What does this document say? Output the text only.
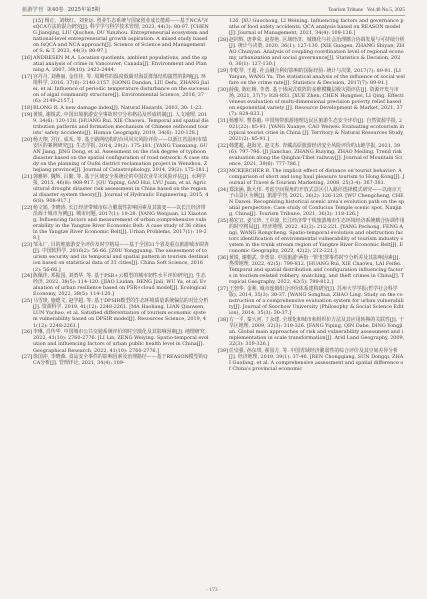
旅游学刊 第40卷 2025年第5期	Tourism Tribune Vol.40 No.5, 2025

[15] 杨正、刘秋红、刘亚运. 创业生态系统与国家创业成长能源——基于NCA与fsQCA方法的混合研究[J]. 科学学与科学技术管理, 2023, 44(3): 80-97. [CHENG Jianqing, LIU Qiuchen, DU Yunzhou. Entrepreneurial ecosystem and national-level entrepreneurial growth aspiration: A mixed study based on fsQCA and NCA approach[J]. Science of Science and Management of S. & T, 2023, 44(3): 80-97.]

[16]ANDRESEN M A. Location quotients, ambient populations, and the spatial analysis of crime in Vancouver, Canada[J]. Environment and Planning A, 2007, 39(10): 2423-2444.

[17]宫丹丹, 刘燕丽, 金佳佳, 等. 周期性的温度低碳对海景群落结构演替的影响[J]. 环境科学, 2016, 37(6): 2140-2157. [GONG Dandan, LIU Defu, ZHANG Jialei, et al. Influence of periodic temperature disturbance on the succession of algal community structure[J]. Environmental Science, 2016, 37(6): 2149-2157.]

[18]BLONG R. A new damage index[J]. Natural Hazards, 2003, 30: 1-23.

[19]黄锐, 谢锐武. 中国出境旅游安全事故时空分布格局及形成机制[J]. 人文地理, 2019, 34(6): 120-128. [HUANG Rui, XIE Chaowu. Temporal and spatial distribution patterns and formation mechanism of Chinese outbound tourists' safety accidents[J]. Human Geography, 2019, 34(6): 120-128.]

[20]杨天翔, 宫江, 成禾, 等. 基于路网结构的台风风灾风险评价——以浙江省温州市瑞安区的案例研究[J]. 生态学报, 2014, 29(2): 175-181. [YANG Tianxiang, GUAN Jiang, JING Dong, et al. Assessment on the risk degree of typhoon disaster based on the spatial configuration of road network: A case study on the planning of Oufei district reclamation project in Wenzhou, Zhejiang province[J]. Journal of Catastrophology, 2014, 29(2): 175-181.]

[21]郭雅婷, 魏辉, 吕勤, 等. 基于区域安全系统论的中国农业旱灾风险评估[J]. 水利学报, 2015, 46(8): 908-917. [QU Yaping, GAO Hui, LYU Juan, et al. Agricultural drought disaster risk assessment in China based on the regional disaster system theory[J]. Journal of Hydraulic Engineering, 2015, 46(8): 908-917.]

[22]杨文娟, 李晓涛. 长江经济带城市综合脆弱性影响因素及其演变——以长江经济带沿海十城市为例[J]. 城市问题, 2017(1): 19-28. [YANG Wenjuan, LI Xiaotong. Influencing factors and measurement of urban comprehensive vulnerability in the Yangtze River Economic Belt: A case study of 36 cities in the Yangtze River Economic Belt[J]. Urban Problems, 2017(1): 19-28.]

[23]邹永广. 目的地旅游安全评价及时空格局——基于全国31个省及重点旅游城市调查[J]. 中国软科学, 2016(2): 56-66. [ZOU Yongguang. The assessment of tourism security and its temporal and spatial pattern in tourism destination based on statistical data of 31 cities[J]. China Soft Science, 2016(2): 56-66.]

[24]陈佩佳, 邓振国, 刘勇华, 等. 基于PSR+云模型的城市韧性水平评价研究[J]. 生态经济, 2022, 38(5): 114-120. [JIAO Liudan, DENG Jiali, WU Ya, et al. Evaluation of urban resilience based on PSR+cloud model[J]. Ecological Economy, 2022, 38(5): 114-120.]

[25]马雪琰, 施德文, 赵学超, 等. 基于DPSIR模型的生态环境质量系统偏估的对比分析[J]. 资源科学, 2019, 41(12): 2248-2261. [MA Haoliang, LIAN Qianwen, LUN Yuchao, et al. Satisfied differentiation of tourism economic system vulnerability based on DPSIR model[J]. Resources Science, 2019, 41(12): 2248-2261.]

[26]李琳, 肖传华. 中国城市公共交通系统评价的时空演化及其影响因素[J]. 地理研究, 2022, 41(10): 2760-2776. [LI Lin, ZENG Weiying. Spatio-temporal evolution and influencing factors of urban public health level in China[J]. Geographical Research, 2022, 41(10): 2760-2776.]

[27]徐国冲, 李晓森. 食品安全事件的影响因素及治理路径——基于REASON模型的QCA分析[J]. 管理评论, 2021, 34(4): 109-

126. [XU Guochong, LI Weining. Influencing factors and governance paths of food safety accidents: QCA analysis based on REASON model[J]. Journal of Management, 2021, 34(4): 109-126.]

[28]赵同辉, 唐莽荣, 赵春艳. 区域经济、城镇化与社会治理耦合协调发展与可持续分析[J]. 统计与决策, 2020, 36(1): 127-130. [XIE Guogen, ZHANG Shiyan, ZHAO Chunyan. Analysis of coupling coordination level of regional economy, urbanization and social governance[J]. Statistics & Decision, 2020, 36(1): 127-130.]

[29]李乾琴, 王超. 社会融合利好影响的国际经验: 统计与决策, 2017(7): 89-91. [LI Yanjun, WANG Ya. The statistical analysis of the influence of social welfare on the crime rate[J]. Statistics & Decision, 2017(7): 89-91.]

[30]薛俊, 陈红梅, 李勇. 基于休闲式秩阵的多维模糊层级灾损评估[J]. 资源开发与市场, 2021, 37(7): 828-833. [XUE Zhen, CHEN Hongmei, LI Qing. Effectiveness evaluation of multi-dimensional precision poverty relief based on exponential variety [J]. Resource Development & Market, 2021, 37(7): 828-833.]

[31]杨雅军, 曹春毅. 中国热带旅游地理边民区旅游生态安全评价[J]. 自然资源学报, 2021(22): 85-91. [YANG Xuanye, CAO Weiwei. Evaluating ecotourism in typical tourist cities in China [J]. Territory & Natural Resources Study, 2021(2): 85-91.]

[32]韩建超, 赵海光, 赵文杰. 青藏高原旅游经济安全风险评价的山地学报, 2021, 39(6): 797-796. [JI Jianchao, ZHANG Ruiying, ZHAO Meiling. Trend risk evaluation along the Qinghai-Tibet railway[J]. Journal of Mountain Science, 2021, 39(6): 777-786.]

[33]MCKERCHER B. The implicit effect of distance on tourist behavior: A comparison of short and long haul pleasure tourism to Hong Kong[J]. Journal of Travel & Tourism Marketing, 2008, 25(3-4): 367-381.

[34]郑沫涵, 陈大伟. 考虑空间视角的开放式景区引入路径选择模式研究——以南京天子山景区为例[J]. 旅游学刊, 2021, 36(2): 126-129. [WU Chengcheng, CHEN Dawei. Recognizing historical scenic area's evolution path on the spatial perspective: Case study of Confucius Temple scenic spot, Nanjing, China[J]. Tourism Tribune, 2021, 36(3): 118-126.]

[35]杨宏宜, 姜宝珍, 王中波, 长江经济带干线旅游城市生态环境经济系统耦合协调作用的时空格局[J]. 经济地理, 2022, 42(2): 212-221. [YANG Pochong, FENG Angi, WANG Rongcheng. Spatio-temporal evolution and obstruction factors identification of environmental vulnerability of tourism industry system in the trunk stream region of Yangtze River Economic Belt[J]. Economic Geography, 2022, 42(2): 212-221.]

[36]黄锐, 谢朝武, 李勇泉. 中国旅游'两指一罪'犯罪事件时空分析差及其影响因素[J]. 热带地理, 2022, 42(5): 799-812. [HUANG Rui, XIE Chaowu, LAI Feifei. Temporal and spatial distribution and configuration influencing factors in tourism-related robbery, snatching, and theft crimes in China[J]. Tropical Geography, 2022, 42(5): 799-812.]

[37]王勃华, 金利, 城市连锁组合评价体系建构研究[J]. 苏州大学学报(哲学社会科学版), 2014, 35(3): 30-37. [WANG Songhua, ZHAO Ling. Study on the construction of a comprehensive evaluation system for urban vulnerability[J]. Journal of Soochow University (Philosophy & Social Science Edition), 2014, 35(3): 30-37.]

[38]方一平, 秦大河, 丁永建. 全球化和城市和组织价方法及其应用转换的关联性[J]. 干旱区地理, 2009, 32(3): 319-326. [FANG Yiping, QIN Dahe, DING Yongjian. Global main approaches of risk and vulnerability assessment and implementation in scale transformation[J]. Arid Land Geography, 2009, 32(3): 319-326.]

[39]任崇强, 孙东琪, 翟国方, 等. 中国省域经济脆弱性的综合评价及其空间差异分析[J]. 经济地理, 2019, 39(1): 37-46. [REN Chongqiang, SUN Dongqi, ZHAI Guofang, et al. A comprehensive assessment and spatial difference of China's provincial economic

· 173 ·
